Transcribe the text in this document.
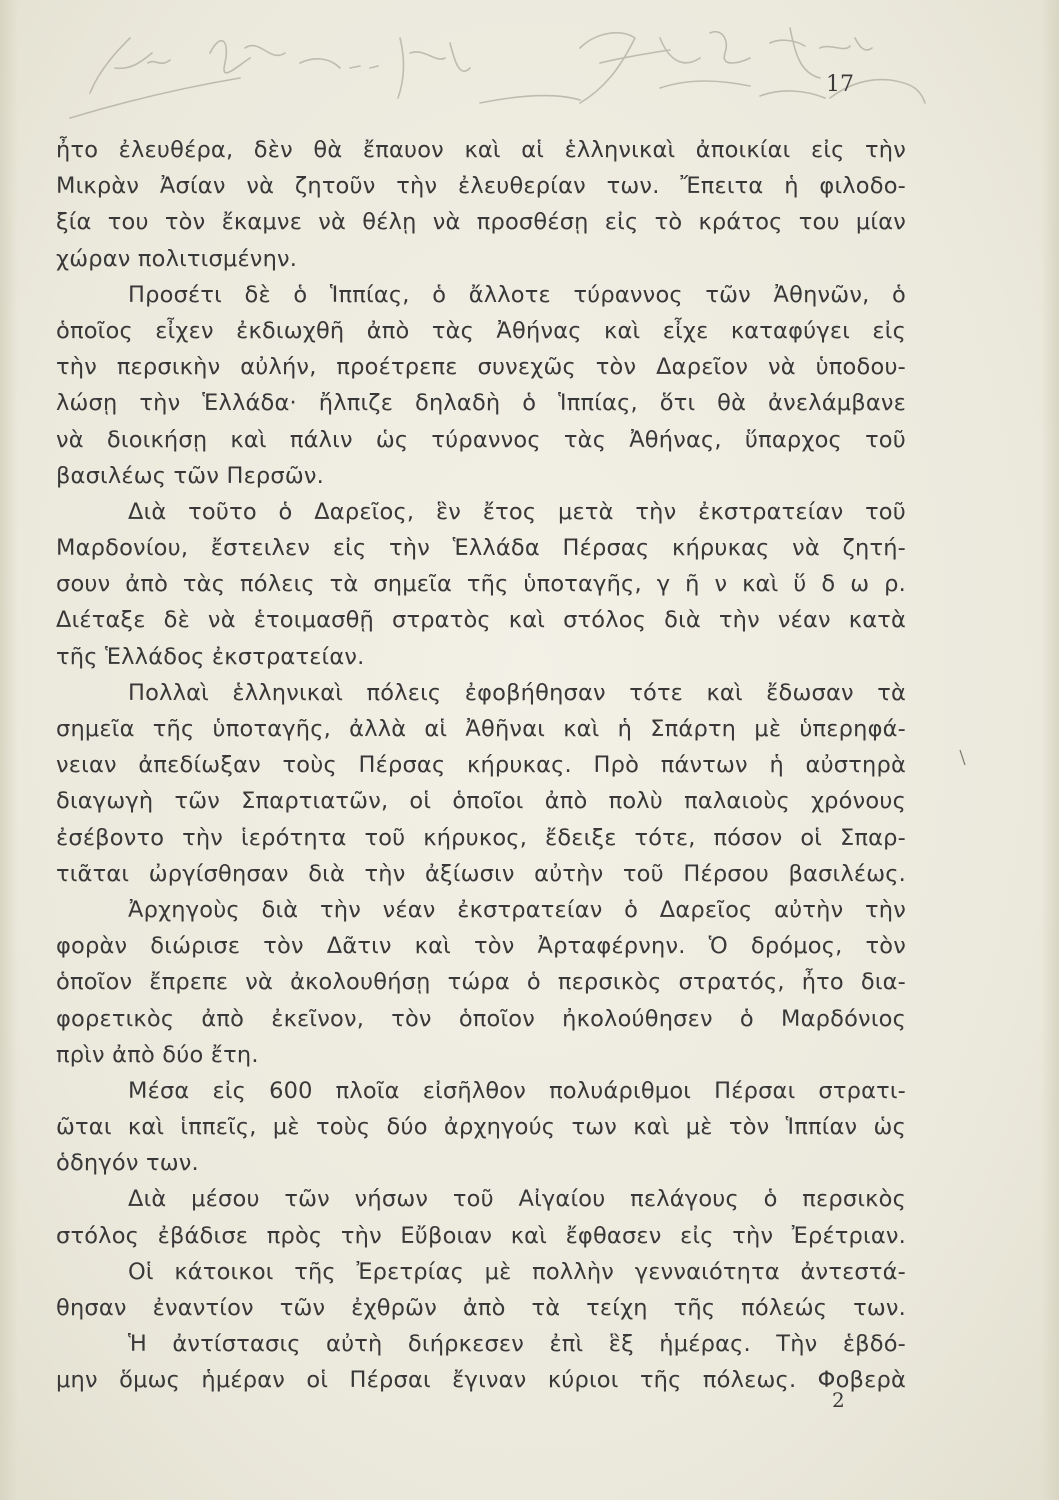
17
ἦτο ἐλευθέρα, δὲν θὰ ἔπαυον καὶ αἱ ἑλληνικαὶ ἀποικίαι εἰς τὴν
Μικρὰν Ἀσίαν νὰ ζητοῦν τὴν ἐλευθερίαν των. Ἔπειτα ἡ φιλοδο-
ξία του τὸν ἔκαμνε νὰ θέλῃ νὰ προσθέσῃ εἰς τὸ κράτος του μίαν
χώραν πολιτισμένην.
Προσέτι δὲ ὁ Ἱππίας, ὁ ἄλλοτε τύραννος τῶν Ἀθηνῶν, ὁ
ὁποῖος εἶχεν ἐκδιωχθῆ ἀπὸ τὰς Ἀθήνας καὶ εἶχε καταφύγει εἰς
τὴν περσικὴν αὐλήν, προέτρεπε συνεχῶς τὸν Δαρεῖον νὰ ὑποδου-
λώσῃ τὴν Ἑλλάδα· ἤλπιζε δηλαδὴ ὁ Ἱππίας, ὅτι θὰ ἀνελάμβανε
νὰ διοικήσῃ καὶ πάλιν ὡς τύραννος τὰς Ἀθήνας, ὕπαρχος τοῦ
βασιλέως τῶν Περσῶν.
Διὰ τοῦτο ὁ Δαρεῖος, ἓν ἔτος μετὰ τὴν ἐκστρατείαν τοῦ
Μαρδονίου, ἔστειλεν εἰς τὴν Ἑλλάδα Πέρσας κήρυκας νὰ ζητή-
σουν ἀπὸ τὰς πόλεις τὰ σημεῖα τῆς ὑποταγῆς, γ ῆ ν καὶ ὕ δ ω ρ.
Διέταξε δὲ νὰ ἑτοιμασθῇ στρατὸς καὶ στόλος διὰ τὴν νέαν κατὰ
τῆς Ἑλλάδος ἐκστρατείαν.
Πολλαὶ ἑλληνικαὶ πόλεις ἐφοβήθησαν τότε καὶ ἔδωσαν τὰ
σημεῖα τῆς ὑποταγῆς, ἀλλὰ αἱ Ἀθῆναι καὶ ἡ Σπάρτη μὲ ὑπερηφά-
νειαν ἀπεδίωξαν τοὺς Πέρσας κήρυκας. Πρὸ πάντων ἡ αὐστηρὰ
διαγωγὴ τῶν Σπαρτιατῶν, οἱ ὁποῖοι ἀπὸ πολὺ παλαιοὺς χρόνους
ἐσέβοντο τὴν ἱερότητα τοῦ κήρυκος, ἔδειξε τότε, πόσον οἱ Σπαρ-
τιᾶται ὠργίσθησαν διὰ τὴν ἀξίωσιν αὐτὴν τοῦ Πέρσου βασιλέως.
Ἀρχηγοὺς διὰ τὴν νέαν ἐκστρατείαν ὁ Δαρεῖος αὐτὴν τὴν
φορὰν διώρισε τὸν Δᾶτιν καὶ τὸν Ἀρταφέρνην. Ὁ δρόμος, τὸν
ὁποῖον ἔπρεπε νὰ ἀκολουθήσῃ τώρα ὁ περσικὸς στρατός, ἦτο δια-
φορετικὸς ἀπὸ ἐκεῖνον, τὸν ὁποῖον ἠκολούθησεν ὁ Μαρδόνιος
πρὶν ἀπὸ δύο ἔτη.
Μέσα εἰς 600 πλοῖα εἰσῆλθον πολυάριθμοι Πέρσαι στρατι-
ῶται καὶ ἱππεῖς, μὲ τοὺς δύο ἀρχηγούς των καὶ μὲ τὸν Ἱππίαν ὡς
ὁδηγόν των.
Διὰ μέσου τῶν νήσων τοῦ Αἰγαίου πελάγους ὁ περσικὸς
στόλος ἐβάδισε πρὸς τὴν Εὔβοιαν καὶ ἔφθασεν εἰς τὴν Ἐρέτριαν.
Οἱ κάτοικοι τῆς Ἐρετρίας μὲ πολλὴν γενναιότητα ἀντεστά-
θησαν ἐναντίον τῶν ἐχθρῶν ἀπὸ τὰ τείχη τῆς πόλεώς των.
Ἡ ἀντίστασις αὐτὴ διήρκεσεν ἐπὶ ἓξ ἡμέρας. Τὴν ἑβδό-
μην ὅμως ἡμέραν οἱ Πέρσαι ἔγιναν κύριοι τῆς πόλεως. Φοβερὰ
2
